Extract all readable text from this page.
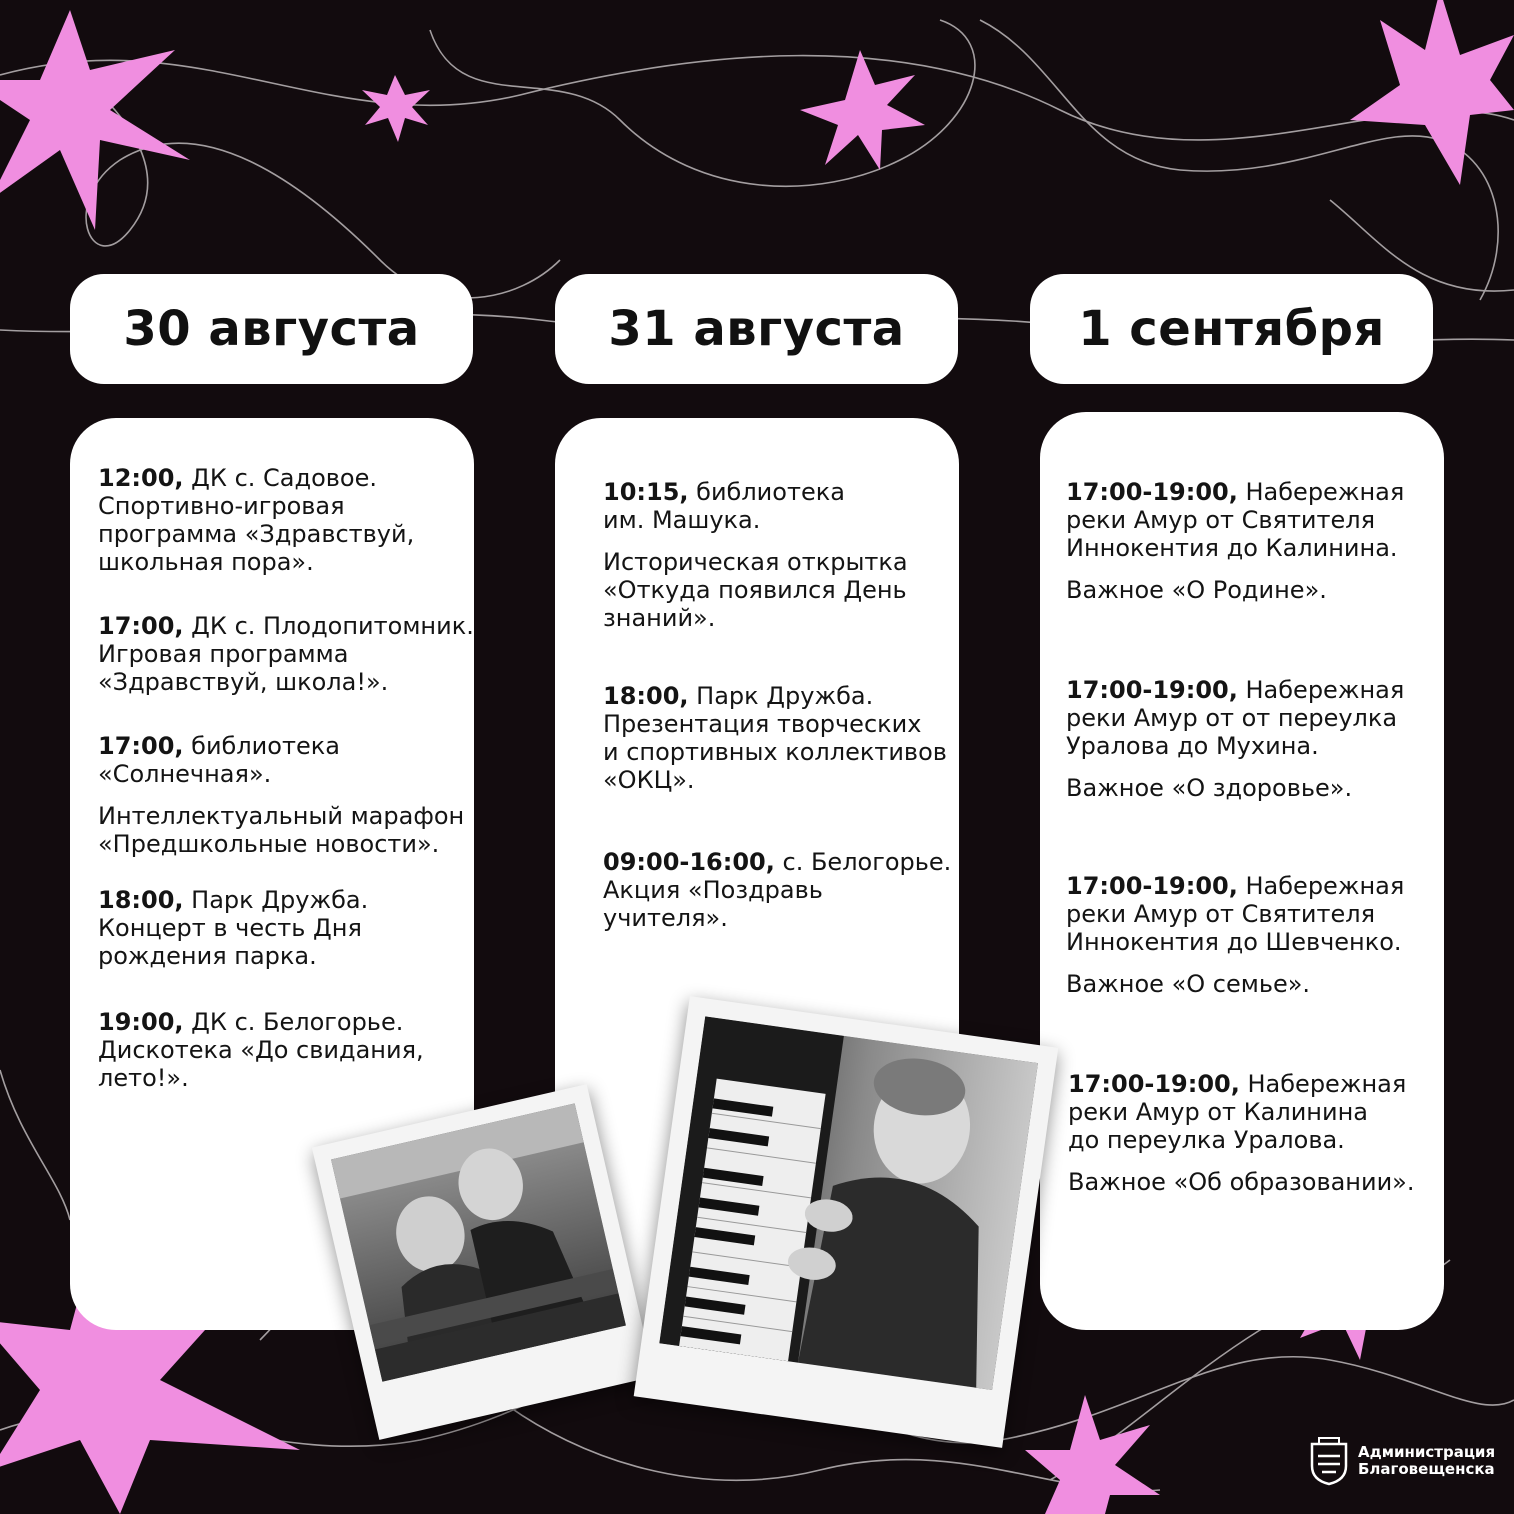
30 августа	31 августа	1 сентября
12:00, ДК с. Садовое.
Спортивно-игровая
программа «Здравствуй,
школьная пора».
17:00, ДК с. Плодопитомник.
Игровая программа
«Здравствуй, школа!».
17:00, библиотека
«Солнечная».
Интеллектуальный марафон
«Предшкольные новости».
18:00, Парк Дружба.
Концерт в честь Дня
рождения парка.
19:00, ДК с. Белогорье.
Дискотека «До свидания,
лето!».
10:15, библиотека
им. Машука.
Историческая открытка
«Откуда появился День
знаний».
18:00, Парк Дружба.
Презентация творческих
и спортивных коллективов
«ОКЦ».
09:00-16:00, с. Белогорье.
Акция «Поздравь
учителя».
17:00-19:00, Набережная
реки Амур от Святителя
Иннокентия до Калинина.
Важное «О Родине».
17:00-19:00, Набережная
реки Амур от от переулка
Уралова до Мухина.
Важное «О здоровье».
17:00-19:00, Набережная
реки Амур от Святителя
Иннокентия до Шевченко.
Важное «О семье».
17:00-19:00, Набережная
реки Амур от Калинина
до переулка Уралова.
Важное «Об образовании».
Администрация
Благовещенска
